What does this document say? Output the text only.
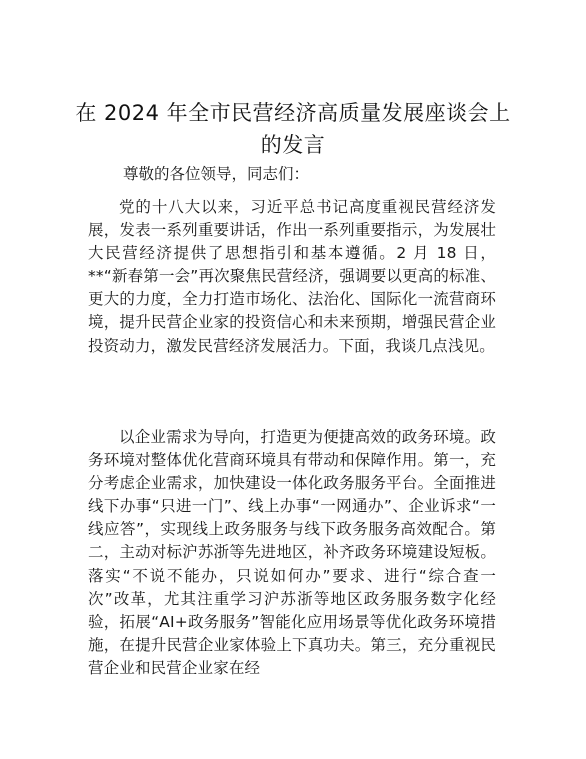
在 2024 年全市民营经济高质量发展座谈会上的发言

尊敬的各位领导，同志们：

党的十八大以来，习近平总书记高度重视民营经济发展，发表一系列重要讲话，作出一系列重要指示，为发展壮大民营经济提供了思想指引和基本遵循。2 月 18 日，**“新春第一会”再次聚焦民营经济，强调要以更高的标准、更大的力度，全力打造市场化、法治化、国际化一流营商环境，提升民营企业家的投资信心和未来预期，增强民营企业投资动力，激发民营经济发展活力。下面，我谈几点浅见。

以企业需求为导向，打造更为便捷高效的政务环境。政务环境对整体优化营商环境具有带动和保障作用。第一，充分考虑企业需求，加快建设一体化政务服务平台。全面推进线下办事“只进一门”、线上办事“一网通办”、企业诉求“一线应答”，实现线上政务服务与线下政务服务高效配合。第二，主动对标沪苏浙等先进地区，补齐政务环境建设短板。落实“不说不能办，只说如何办”要求、进行“综合查一次”改革，尤其注重学习沪苏浙等地区政务服务数字化经验，拓展“AI+政务服务”智能化应用场景等优化政务环境措施，在提升民营企业家体验上下真功夫。第三，充分重视民营企业和民营企业家在经
